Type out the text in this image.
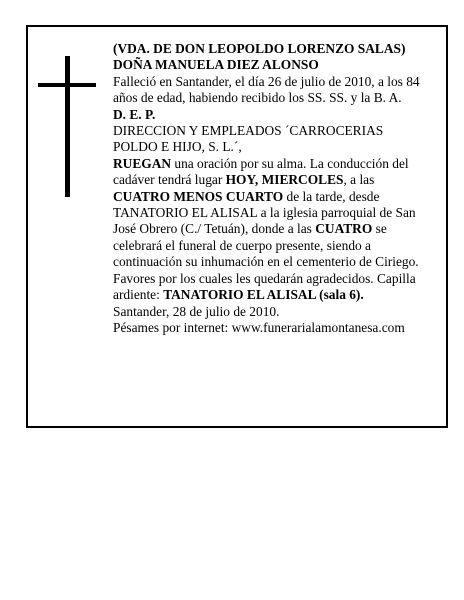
(VDA. DE DON LEOPOLDO LORENZO SALAS)
DOÑA MANUELA DIEZ ALONSO
Falleció en Santander, el día 26 de julio de 2010, a los 84 años de edad, habiendo recibido los SS. SS. y la B. A.
D. E. P.
DIRECCION Y EMPLEADOS ´CARROCERIAS POLDO E HIJO, S. L.´,
RUEGAN una oración por su alma. La conducción del cadáver tendrá lugar HOY, MIERCOLES, a las CUATRO MENOS CUARTO de la tarde, desde TANATORIO EL ALISAL a la iglesia parroquial de San José Obrero (C./ Tetuán), donde a las CUATRO se celebrará el funeral de cuerpo presente, siendo a continuación su inhumación en el cementerio de Ciriego. Favores por los cuales les quedarán agradecidos. Capilla ardiente: TANATORIO EL ALISAL (sala 6).
Santander, 28 de julio de 2010.
Pésames por internet: www.funerarialamontanesa.com
